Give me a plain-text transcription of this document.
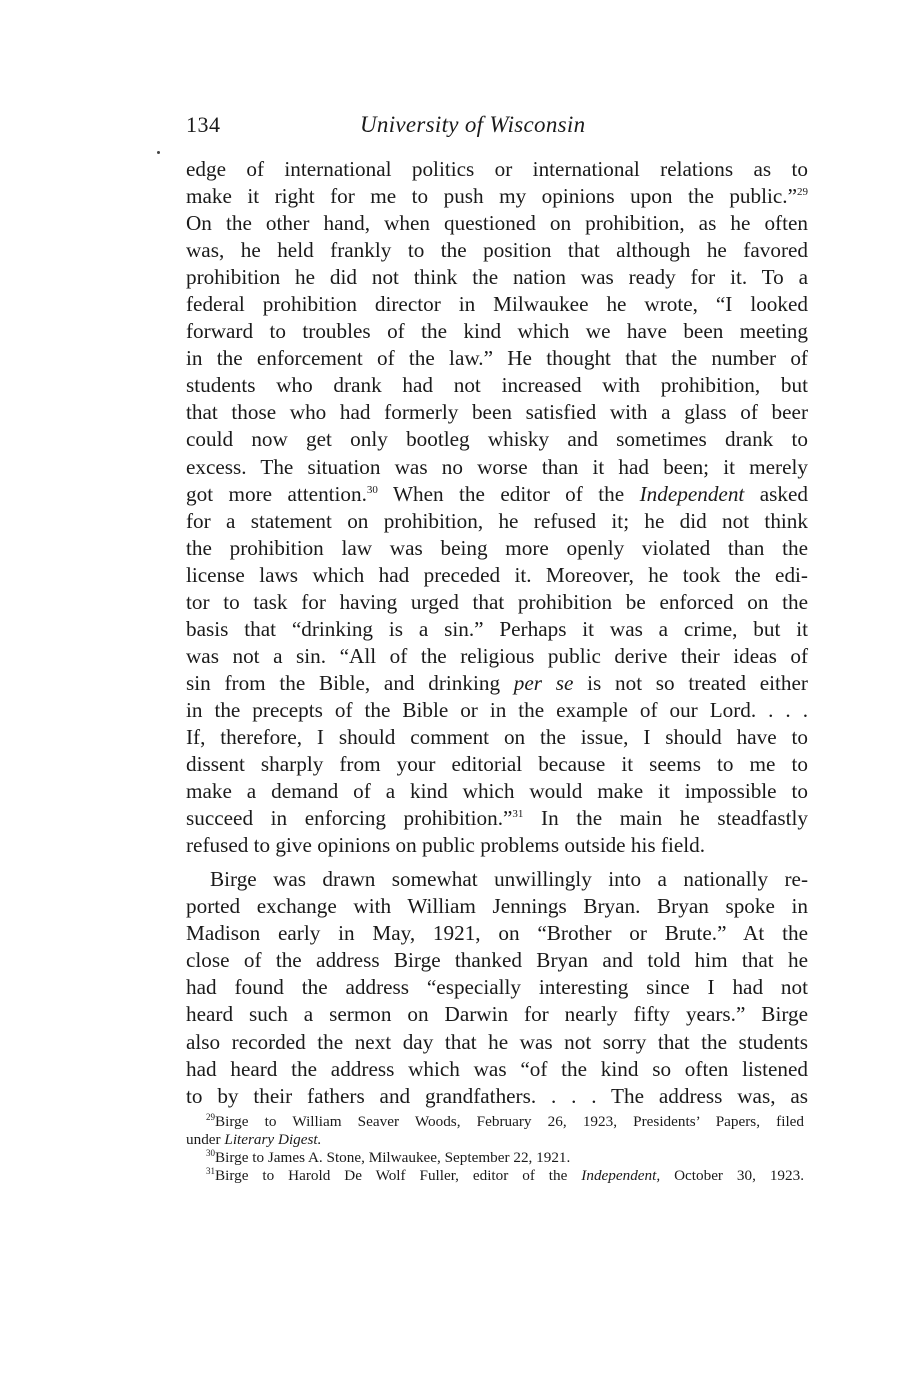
134	University of Wisconsin
edge of international politics or international relations as to
make it right for me to push my opinions upon the public.”$^{29}$
On the other hand, when questioned on prohibition, as he often
was, he held frankly to the position that although he favored
prohibition he did not think the nation was ready for it. To a
federal prohibition director in Milwaukee he wrote, “I looked
forward to troubles of the kind which we have been meeting
in the enforcement of the law.” He thought that the number of
students who drank had not increased with prohibition, but
that those who had formerly been satisfied with a glass of beer
could now get only bootleg whisky and sometimes drank to
excess. The situation was no worse than it had been; it merely
got more attention.$^{30}$ When the editor of the Independent asked
for a statement on prohibition, he refused it; he did not think
the prohibition law was being more openly violated than the
license laws which had preceded it. Moreover, he took the edi-
tor to task for having urged that prohibition be enforced on the
basis that “drinking is a sin.” Perhaps it was a crime, but it
was not a sin. “All of the religious public derive their ideas of
sin from the Bible, and drinking per se is not so treated either
in the precepts of the Bible or in the example of our Lord. . . .
If, therefore, I should comment on the issue, I should have to
dissent sharply from your editorial because it seems to me to
make a demand of a kind which would make it impossible to
succeed in enforcing prohibition.”$^{31}$ In the main he steadfastly
refused to give opinions on public problems outside his field.
Birge was drawn somewhat unwillingly into a nationally re-
ported exchange with William Jennings Bryan. Bryan spoke in
Madison early in May, 1921, on “Brother or Brute.” At the
close of the address Birge thanked Bryan and told him that he
had found the address “especially interesting since I had not
heard such a sermon on Darwin for nearly fifty years.” Birge
also recorded the next day that he was not sorry that the students
had heard the address which was “of the kind so often listened
to by their fathers and grandfathers. . . . The address was, as
$^{29}$Birge to William Seaver Woods, February 26, 1923, Presidents’ Papers, filed
under Literary Digest.
$^{30}$Birge to James A. Stone, Milwaukee, September 22, 1921.
$^{31}$Birge to Harold De Wolf Fuller, editor of the Independent, October 30, 1923.
